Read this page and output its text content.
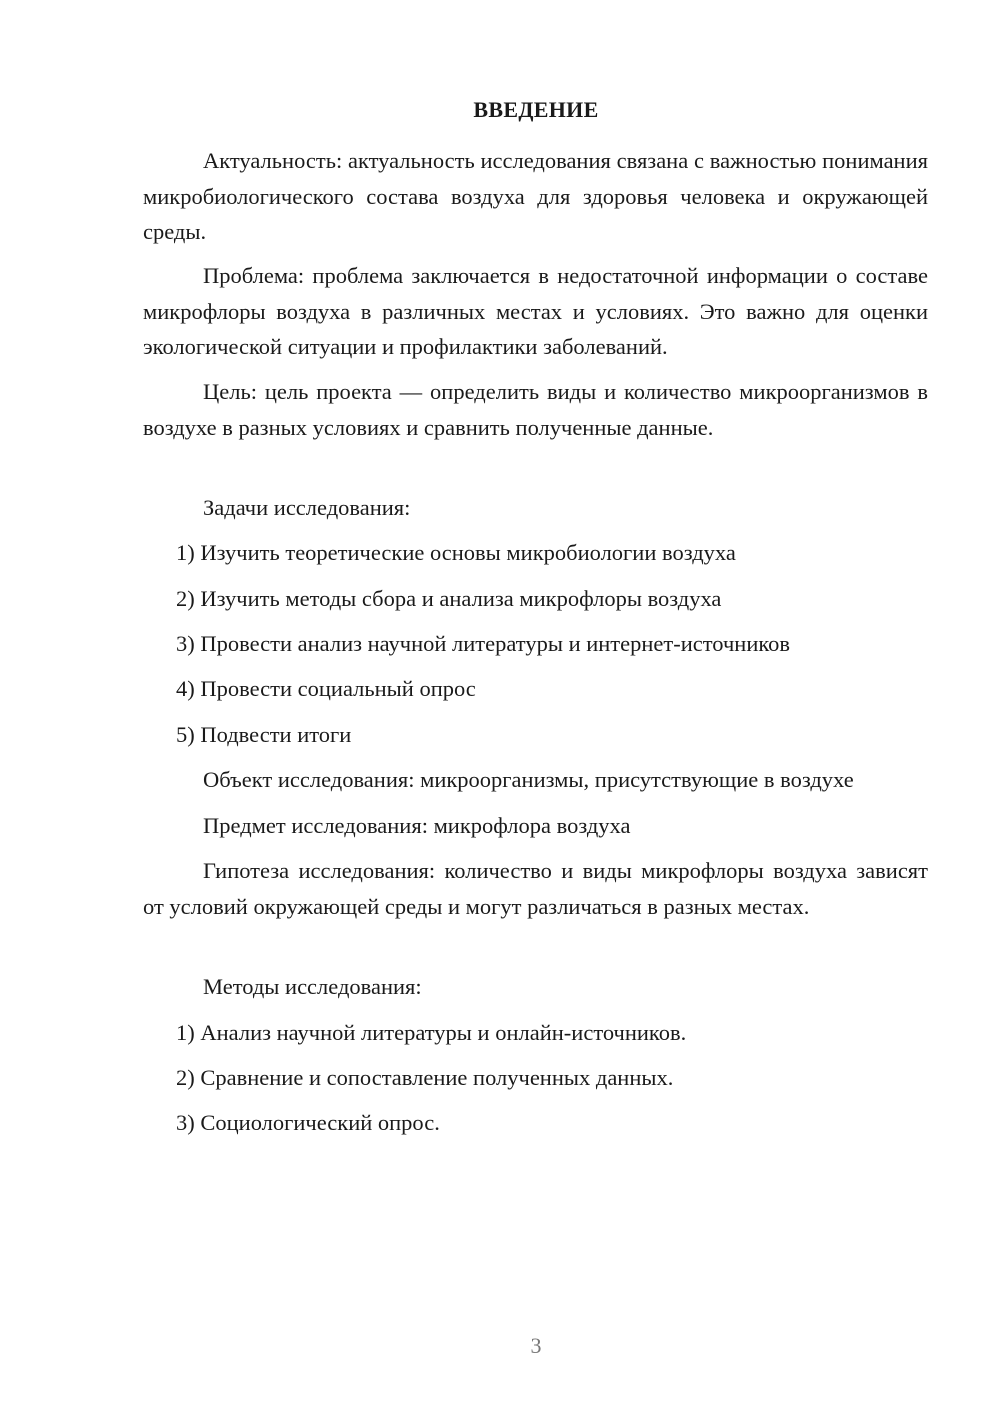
ВВЕДЕНИЕ

Актуальность: актуальность исследования связана с важностью понимания микробиологического состава воздуха для здоровья человека и окружающей среды.

Проблема: проблема заключается в недостаточной информации о составе микрофлоры воздуха в различных местах и условиях. Это важно для оценки экологической ситуации и профилактики заболеваний.

Цель: цель проекта — определить виды и количество микроорганизмов в воздухе в разных условиях и сравнить полученные данные.

Задачи исследования:

1) Изучить теоретические основы микробиологии воздуха

2) Изучить методы сбора и анализа микрофлоры воздуха

3) Провести анализ научной литературы и интернет-источников

4) Провести социальный опрос

5) Подвести итоги

Объект исследования: микроорганизмы, присутствующие в воздухе

Предмет исследования: микрофлора воздуха

Гипотеза исследования: количество и виды микрофлоры воздуха зависят от условий окружающей среды и могут различаться в разных местах.

Методы исследования:

1) Анализ научной литературы и онлайн-источников.

2) Сравнение и сопоставление полученных данных.

3) Социологический опрос.

3
